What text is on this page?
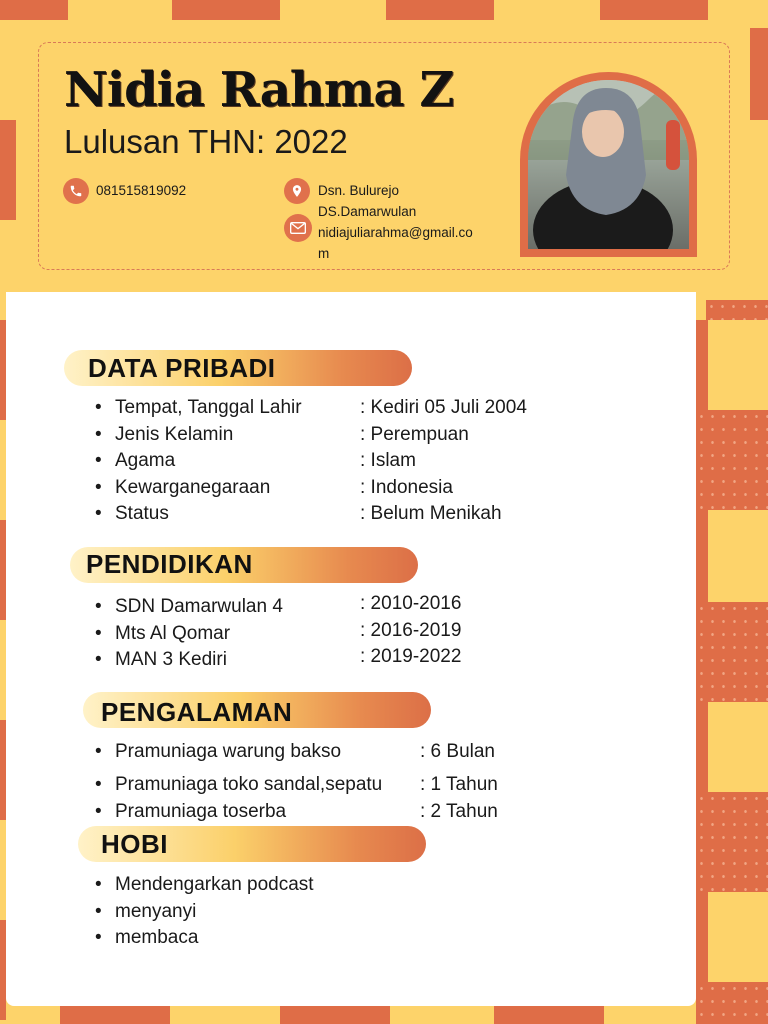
Nidia Rahma Z
Lulusan THN: 2022
081515819092	Dsn. Bulurejo
DS.Damarwulan
nidiajuliarahma@gmail.co
m
DATA PRIBADI
• Tempat, Tanggal Lahir	: Kediri 05 Juli 2004
• Jenis Kelamin	: Perempuan
• Agama	: Islam
• Kewarganegaraan	: Indonesia
• Status	: Belum Menikah
PENDIDIKAN
• SDN Damarwulan 4	: 2010-2016
• Mts Al Qomar	: 2016-2019
• MAN 3 Kediri	: 2019-2022
PENGALAMAN
• Pramuniaga warung bakso	: 6 Bulan
• Pramuniaga toko sandal,sepatu : 1 Tahun
• Pramuniaga toserba	: 2 Tahun
HOBI
• Mendengarkan podcast
• menyanyi
• membaca
